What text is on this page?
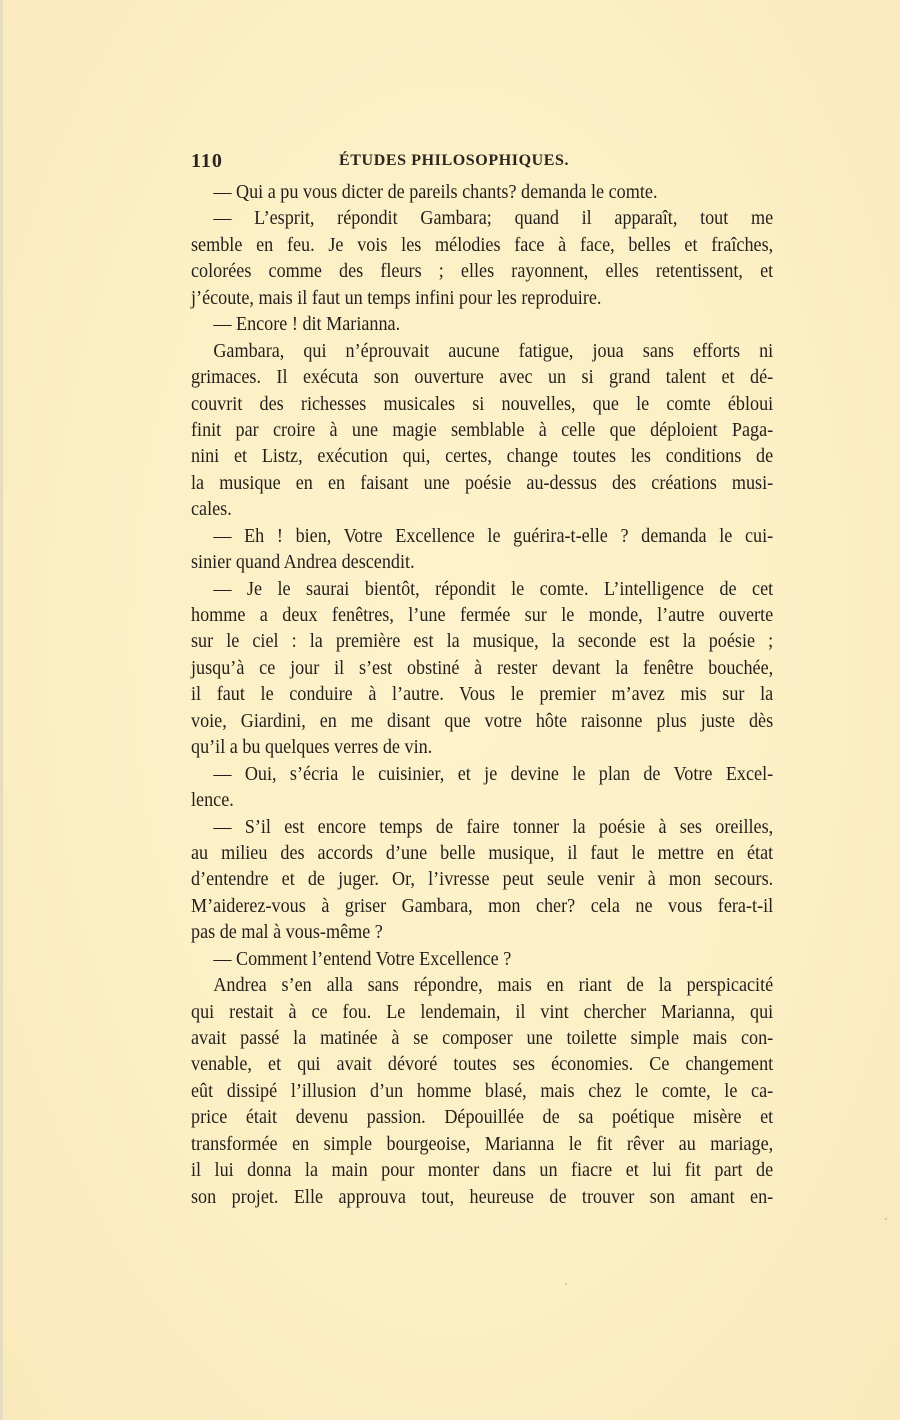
110	ÉTUDES PHILOSOPHIQUES.
— Qui a pu vous dicter de pareils chants? demanda le comte.
— L’esprit, répondit Gambara; quand il apparaît, tout me
semble en feu. Je vois les mélodies face à face, belles et fraîches,
colorées comme des fleurs ; elles rayonnent, elles retentissent, et
j’écoute, mais il faut un temps infini pour les reproduire.
— Encore ! dit Marianna.
Gambara, qui n’éprouvait aucune fatigue, joua sans efforts ni
grimaces. Il exécuta son ouverture avec un si grand talent et dé-
couvrit des richesses musicales si nouvelles, que le comte ébloui
finit par croire à une magie semblable à celle que déploient Paga-
nini et Listz, exécution qui, certes, change toutes les conditions de
la musique en en faisant une poésie au-dessus des créations musi-
cales.
— Eh ! bien, Votre Excellence le guérira-t-elle ? demanda le cui-
sinier quand Andrea descendit.
— Je le saurai bientôt, répondit le comte. L’intelligence de cet
homme a deux fenêtres, l’une fermée sur le monde, l’autre ouverte
sur le ciel : la première est la musique, la seconde est la poésie ;
jusqu’à ce jour il s’est obstiné à rester devant la fenêtre bouchée,
il faut le conduire à l’autre. Vous le premier m’avez mis sur la
voie, Giardini, en me disant que votre hôte raisonne plus juste dès
qu’il a bu quelques verres de vin.
— Oui, s’écria le cuisinier, et je devine le plan de Votre Excel-
lence.
— S’il est encore temps de faire tonner la poésie à ses oreilles,
au milieu des accords d’une belle musique, il faut le mettre en état
d’entendre et de juger. Or, l’ivresse peut seule venir à mon secours.
M’aiderez-vous à griser Gambara, mon cher? cela ne vous fera-t-il
pas de mal à vous-même ?
— Comment l’entend Votre Excellence ?
Andrea s’en alla sans répondre, mais en riant de la perspicacité
qui restait à ce fou. Le lendemain, il vint chercher Marianna, qui
avait passé la matinée à se composer une toilette simple mais con-
venable, et qui avait dévoré toutes ses économies. Ce changement
eût dissipé l’illusion d’un homme blasé, mais chez le comte, le ca-
price était devenu passion. Dépouillée de sa poétique misère et
transformée en simple bourgeoise, Marianna le fit rêver au mariage,
il lui donna la main pour monter dans un fiacre et lui fit part de
son projet. Elle approuva tout, heureuse de trouver son amant en-
